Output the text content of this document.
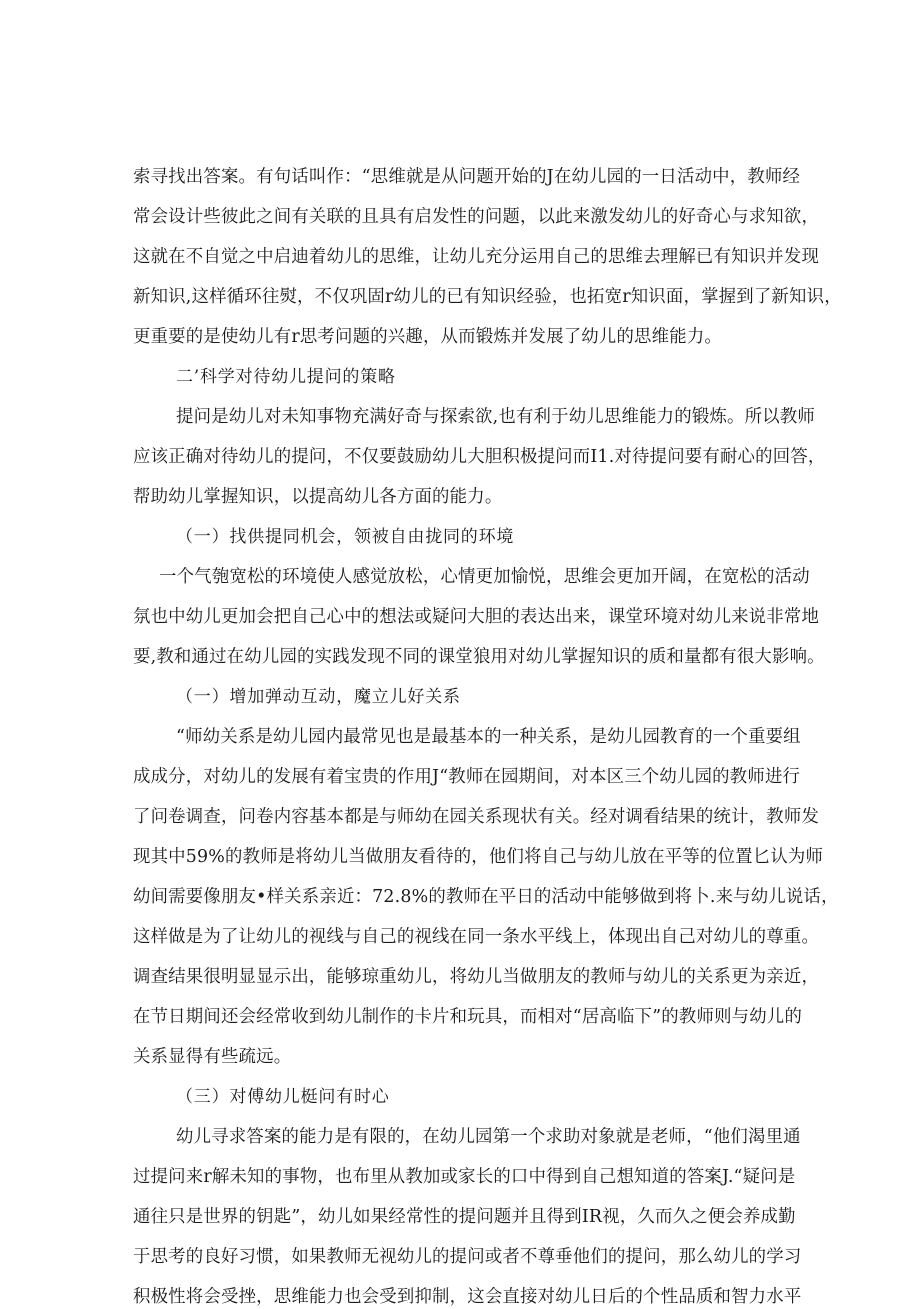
索寻找出答案。有句话叫作：“思维就是从问题开始的J在幼儿园的一日活动中，教师经
常会设计些彼此之间有关联的且具有启发性的问题，以此来激发幼儿的好奇心与求知欲，
这就在不自觉之中启迪着幼儿的思维，让幼儿充分运用自己的思维去理解已有知识并发现
新知识,这样循环往熨，不仅巩固r幼儿的已有知识经验，也拓宽r知识面，掌握到了新知识，
更重要的是使幼儿有r思考问题的兴趣，从而锻炼并发展了幼儿的思维能力。
二’科学对待幼儿提问的策略
提问是幼儿对未知事物充满好奇与探索欲,也有利于幼儿思维能力的锻炼。所以教师
应该正确对待幼儿的提问，不仅要鼓励幼儿大胆积极提问而I1.对待提问要有耐心的回答，
帮助幼儿掌握知识，以提高幼儿各方面的能力。
（一）找供提同机会，领被自由拢同的环境
一个气匏宽松的环境使人感觉放松，心情更加愉悦，思维会更加开阔，在宽松的活动
氛也中幼儿更加会把自己心中的想法或疑问大胆的表达出来，课堂环境对幼儿来说非常地
要,教和通过在幼儿园的实践发现不同的课堂狼用对幼儿掌握知识的质和量都有很大影响。
（一）增加弹动互动，魔立儿好关系
“师幼关系是幼儿园内最常见也是最基本的一种关系，是幼儿园教育的一个重要组
成成分，对幼儿的发展有着宝贵的作用J“教师在园期间，对本区三个幼儿园的教师进行
了问卷调查，问卷内容基本都是与师幼在园关系现状有关。经对调看结果的统计，教师发
现其中59%的教师是将幼儿当做朋友看待的，他们将自己与幼儿放在平等的位置匕认为师
幼间需要像朋友•样关系亲近：72.8%的教师在平日的活动中能够做到将卜.来与幼儿说话，
这样做是为了让幼儿的视线与自己的视线在同一条水平线上，体现出自己对幼儿的尊重。
调查结果很明显显示出，能够琼重幼儿，将幼儿当做朋友的教师与幼儿的关系更为亲近，
在节日期间还会经常收到幼儿制作的卡片和玩具，而相对“居高临下”的教师则与幼儿的
关系显得有些疏远。
（三）对傅幼儿梃问有时心
幼儿寻求答案的能力是有限的，在幼儿园第一个求助对象就是老师，“他们渴里通
过提问来r解未知的事物，也布里从教加或家长的口中得到自己想知道的答案J.“疑问是
通往只是世界的钥匙”，幼儿如果经常性的提问题并且得到IR视，久而久之便会养成勤
于思考的良好习惯，如果教师无视幼儿的提问或者不尊垂他们的提问，那么幼儿的学习
积极性将会受挫，思维能力也会受到抑制，这会直接对幼儿日后的个性品质和智力水平
